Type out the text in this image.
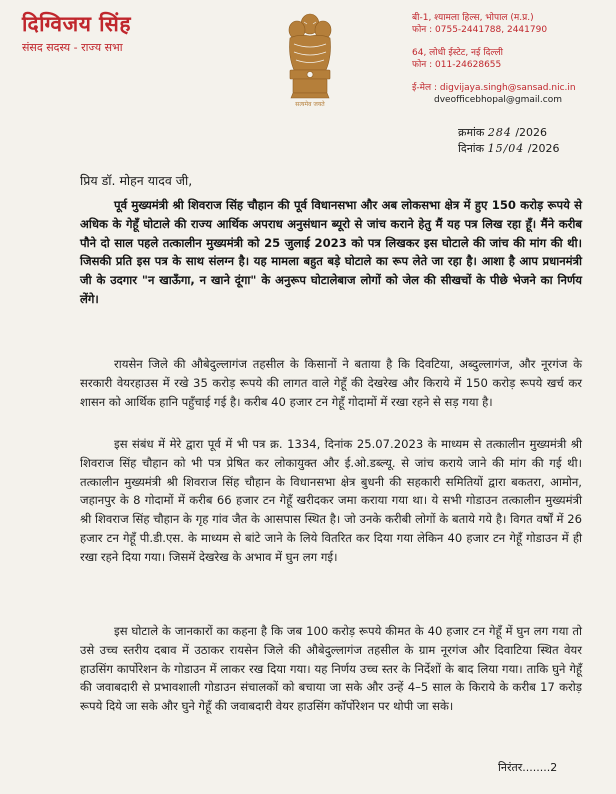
दिग्विजय सिंह
संसद सदस्य - राज्य सभा
सत्यमेव जयते
बी-1, श्यामला हिल्स, भोपाल (म.प्र.)
फोन : 0755-2441788, 2441790
64, लोधी ईस्टेट, नई दिल्ली
फोन : 011-24628655
ई-मेल : digvijaya.singh@sansad.nic.in
dveofficebhopal@gmail.com
क्रमांक 284 /2026
दिनांक 15/04 /2026
प्रिय डॉ. मोहन यादव जी,

पूर्व मुख्यमंत्री श्री शिवराज सिंह चौहान की पूर्व विधानसभा और अब लोकसभा क्षेत्र में हुए 150 करोड़ रूपये से अधिक के गेहूँ घोटाले की राज्य आर्थिक अपराध अनुसंधान ब्यूरो से जांच कराने हेतु मैं यह पत्र लिख रहा हूँ। मैंने करीब पौने दो साल पहले तत्कालीन मुख्यमंत्री को 25 जुलाई 2023 को पत्र लिखकर इस घोटाले की जांच की मांग की थी। जिसकी प्रति इस पत्र के साथ संलग्न है। यह मामला बहुत बड़े घोटाले का रूप लेते जा रहा है। आशा है आप प्रधानमंत्री जी के उदगार "न खाऊँगा, न खाने दूंगा" के अनुरूप घोटालेबाज लोगों को जेल की सीखचों के पीछे भेजने का निर्णय लेंगे।

रायसेन जिले की औबेदुल्लागंज तहसील के किसानों ने बताया है कि दिवटिया, अब्दुल्लागंज, और नूरगंज के सरकारी वेयरहाउस में रखे 35 करोड़ रूपये की लागत वाले गेहूँ की देखरेख और किराये में 150 करोड़ रूपये खर्च कर शासन को आर्थिक हानि पहुँचाई गई है। करीब 40 हजार टन गेहूँ गोदामों में रखा रहने से सड़ गया है।

इस संबंध में मेरे द्वारा पूर्व में भी पत्र क्र. 1334, दिनांक 25.07.2023 के माध्यम से तत्कालीन मुख्यमंत्री श्री शिवराज सिंह चौहान को भी पत्र प्रेषित कर लोकायुक्त और ई.ओ.डब्ल्यू. से जांच कराये जाने की मांग की गई थी। तत्कालीन मुख्यमंत्री श्री शिवराज सिंह चौहान के विधानसभा क्षेत्र बुधनी की सहकारी समितियों द्वारा बकतरा, आमोन, जहानपुर के 8 गोदामों में करीब 66 हजार टन गेहूँ खरीदकर जमा कराया गया था। ये सभी गोडाउन तत्कालीन मुख्यमंत्री श्री शिवराज सिंह चौहान के गृह गांव जैत के आसपास स्थित है। जो उनके करीबी लोगों के बताये गये है। विगत वर्षों में 26 हजार टन गेहूँ पी.डी.एस. के माध्यम से बांटे जाने के लिये वितरित कर दिया गया लेकिन 40 हजार टन गेहूँ गोडाउन में ही रखा रहने दिया गया। जिसमें देखरेख के अभाव में घुन लग गई।

इस घोटाले के जानकारों का कहना है कि जब 100 करोड़ रूपये कीमत के 40 हजार टन गेहूँ में घुन लग गया तो उसे उच्च स्तरीय दबाव में उठाकर रायसेन जिले की औबेदुल्लागंज तहसील के ग्राम नूरगंज और दिवाटिया स्थित वेयर हाउसिंग कार्पोरेशन के गोडाउन में लाकर रख दिया गया। यह निर्णय उच्च स्तर के निर्देशों के बाद लिया गया। ताकि घुने गेहूँ की जवाबदारी से प्रभावशाली गोडाउन संचालकों को बचाया जा सके और उन्हें 4–5 साल के किराये के करीब 17 करोड़ रूपये दिये जा सके और घुने गेहूँ की जवाबदारी वेयर हाउसिंग कॉर्पोरेशन पर थोपी जा सके।

निरंतर........2
